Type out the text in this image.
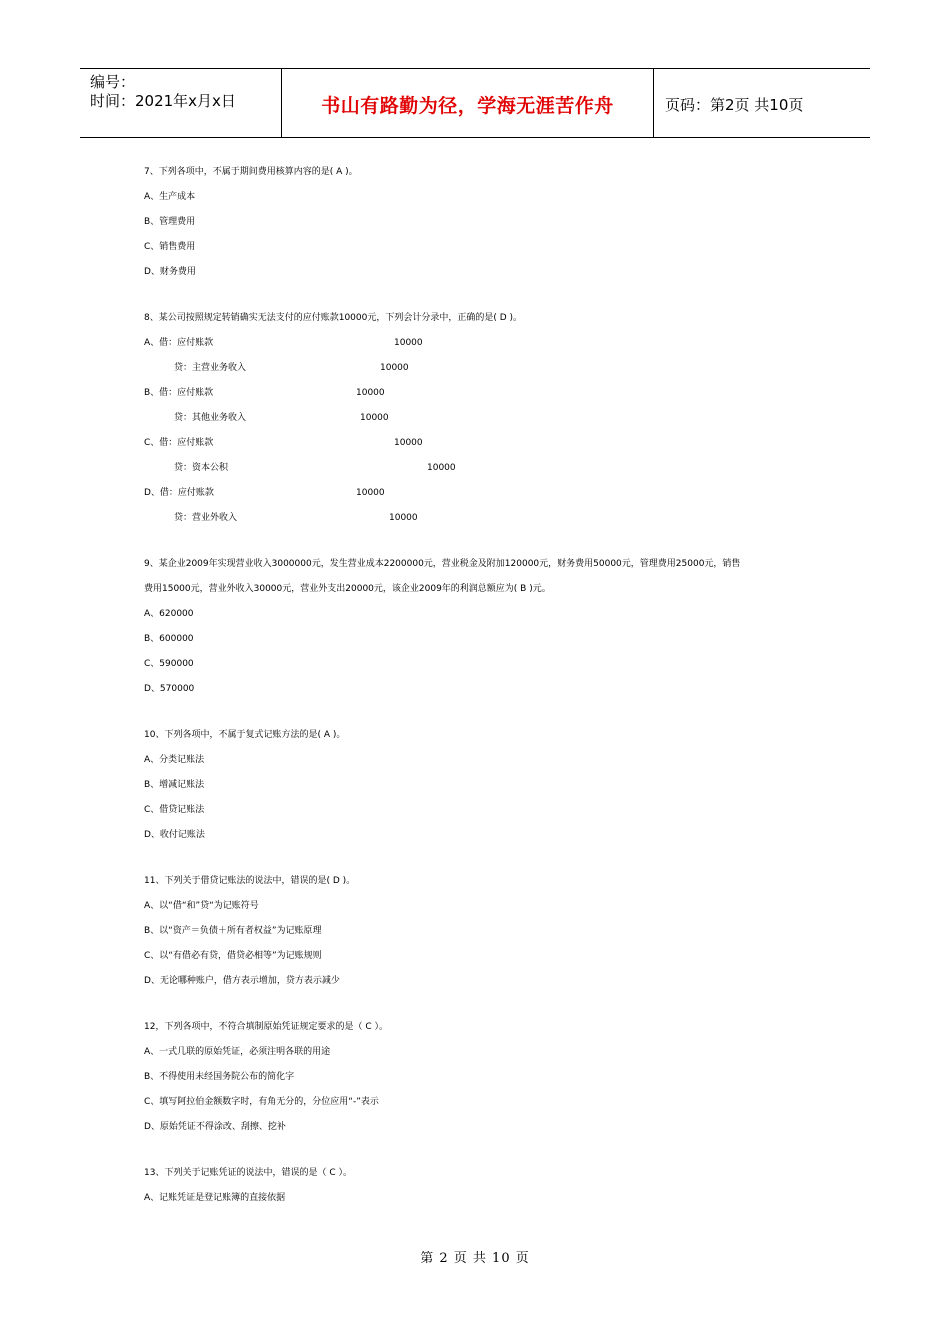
编号：
时间：2021年x月x日	书山有路勤为径，学海无涯苦作舟	页码：第2页 共10页
7、下列各项中，不属于期间费用核算内容的是( A )。
A、生产成本
B、管理费用
C、销售费用
D、财务费用
8、某公司按照规定转销确实无法支付的应付账款10000元，下列会计分录中，正确的是( D )。
A、借：应付账款	10000
贷：主营业务收入	10000
B、借：应付账款	10000
贷：其他业务收入	10000
C、借：应付账款	10000
贷：资本公积	10000
D、借：应付账款	10000
贷：营业外收入	10000
9、某企业2009年实现营业收入3000000元，发生营业成本2200000元，营业税金及附加120000元，财务费用50000元，管理费用25000元，销售
费用15000元，营业外收入30000元，营业外支出20000元，该企业2009年的利润总额应为( B )元。
A、620000
B、600000
C、590000
D、570000
10、下列各项中，不属于复式记账方法的是( A )。
A、分类记账法
B、增减记账法
C、借贷记账法
D、收付记账法
11、下列关于借贷记账法的说法中，错误的是( D )。
A、以“借“和”贷“为记账符号
B、以“资产＝负债＋所有者权益”为记账原理
C、以“有借必有贷，借贷必相等”为记账规则
D、无论哪种账户，借方表示增加，贷方表示减少
12，下列各项中，不符合填制原始凭证规定要求的是（ C ）。
A、一式几联的原始凭证，必须注明各联的用途
B、不得使用未经国务院公布的简化字
C、填写阿拉伯金额数字时，有角无分的，分位应用“-”表示
D、原始凭证不得涂改、刮擦、挖补
13、下列关于记账凭证的说法中，错误的是（ C ）。
A、记账凭证是登记账簿的直接依据
第 2 页 共 10 页
